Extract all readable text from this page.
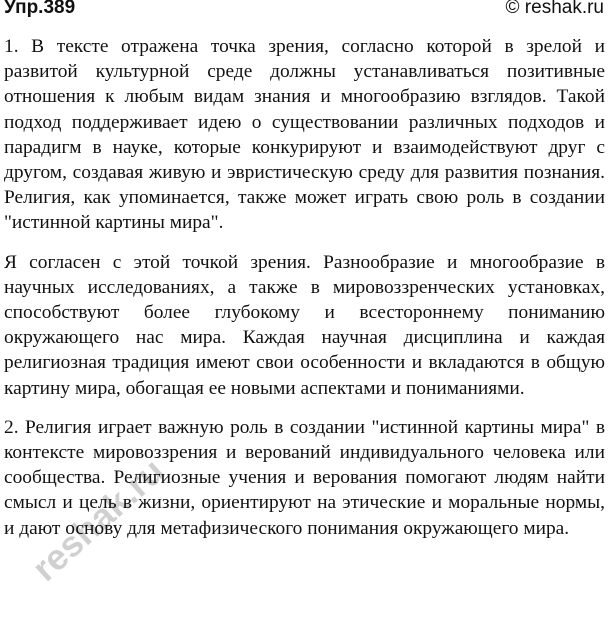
Упр.389	© reshak.ru

1. В тексте отражена точка зрения, согласно которой в зрелой и развитой культурной среде должны устанавливаться позитивные отношения к любым видам знания и многообразию взглядов. Такой подход поддерживает идею о существовании различных подходов и парадигм в науке, которые конкурируют и взаимодействуют друг с другом, создавая живую и эвристическую среду для развития познания. Религия, как упоминается, также может играть свою роль в создании "истинной картины мира".

Я согласен с этой точкой зрения. Разнообразие и многообразие в научных исследованиях, а также в мировоззренческих установках, способствуют более глубокому и всестороннему пониманию окружающего нас мира. Каждая научная дисциплина и каждая религиозная традиция имеют свои особенности и вкладаются в общую картину мира, обогащая ее новыми аспектами и пониманиями.

2. Религия играет важную роль в создании "истинной картины мира" в контексте мировоззрения и верований индивидуального человека или сообщества. Религиозные учения и верования помогают людям найти смысл и цель в жизни, ориентируют на этические и моральные нормы, и дают основу для метафизического понимания окружающего мира.

reshak.ru
